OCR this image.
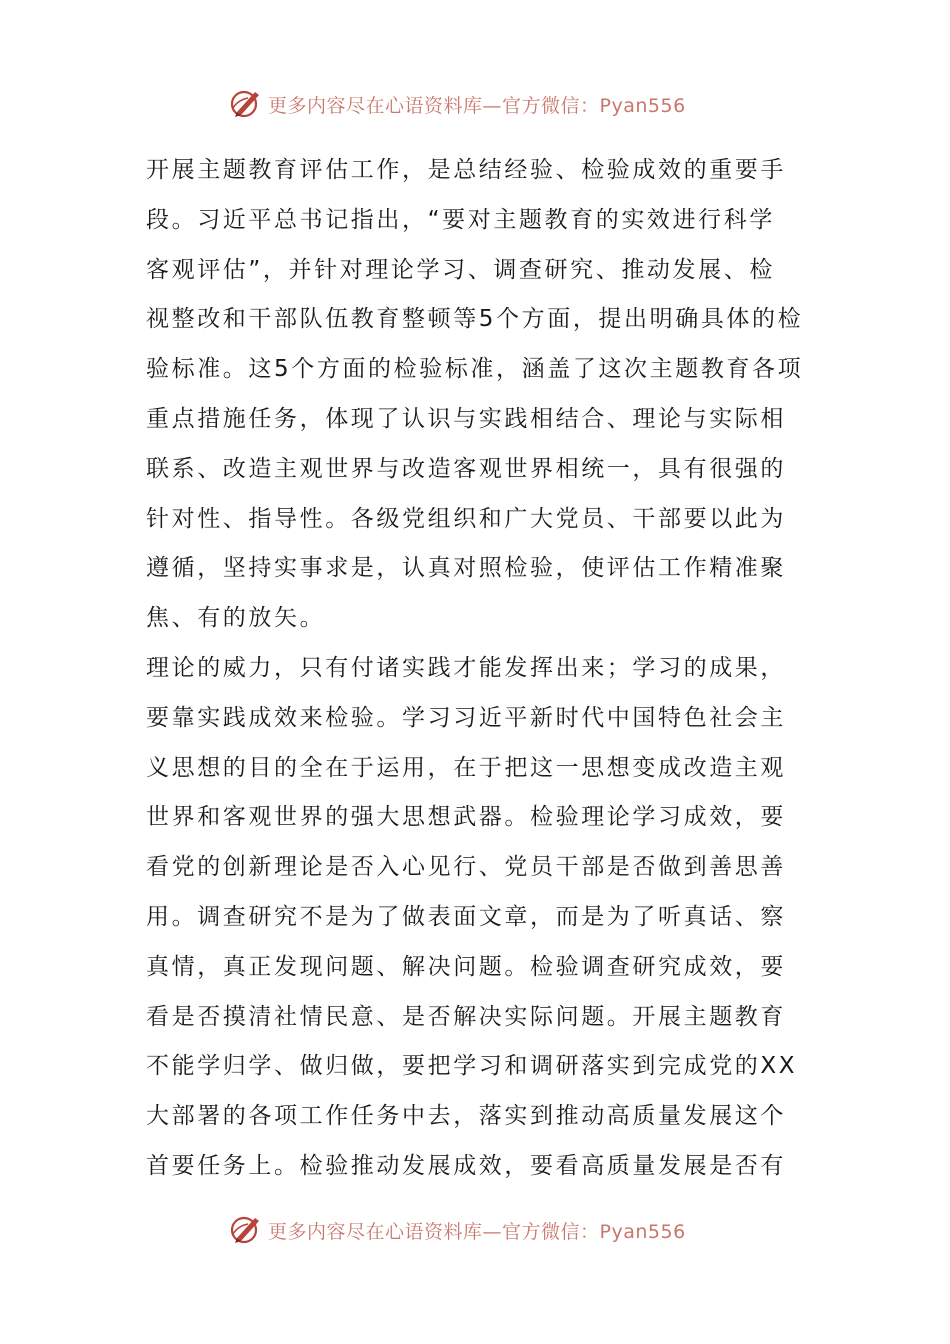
更多内容尽在心语资料库—官方微信：Pyan556
开展主题教育评估工作，是总结经验、检验成效的重要手
段。习近平总书记指出，“要对主题教育的实效进行科学
客观评估”，并针对理论学习、调查研究、推动发展、检
视整改和干部队伍教育整顿等5个方面，提出明确具体的检
验标准。这5个方面的检验标准，涵盖了这次主题教育各项
重点措施任务，体现了认识与实践相结合、理论与实际相
联系、改造主观世界与改造客观世界相统一，具有很强的
针对性、指导性。各级党组织和广大党员、干部要以此为
遵循，坚持实事求是，认真对照检验，使评估工作精准聚
焦、有的放矢。
理论的威力，只有付诸实践才能发挥出来；学习的成果，
要靠实践成效来检验。学习习近平新时代中国特色社会主
义思想的目的全在于运用，在于把这一思想变成改造主观
世界和客观世界的强大思想武器。检验理论学习成效，要
看党的创新理论是否入心见行、党员干部是否做到善思善
用。调查研究不是为了做表面文章，而是为了听真话、察
真情，真正发现问题、解决问题。检验调查研究成效，要
看是否摸清社情民意、是否解决实际问题。开展主题教育
不能学归学、做归做，要把学习和调研落实到完成党的XX
大部署的各项工作任务中去，落实到推动高质量发展这个
首要任务上。检验推动发展成效，要看高质量发展是否有
更多内容尽在心语资料库—官方微信：Pyan556
